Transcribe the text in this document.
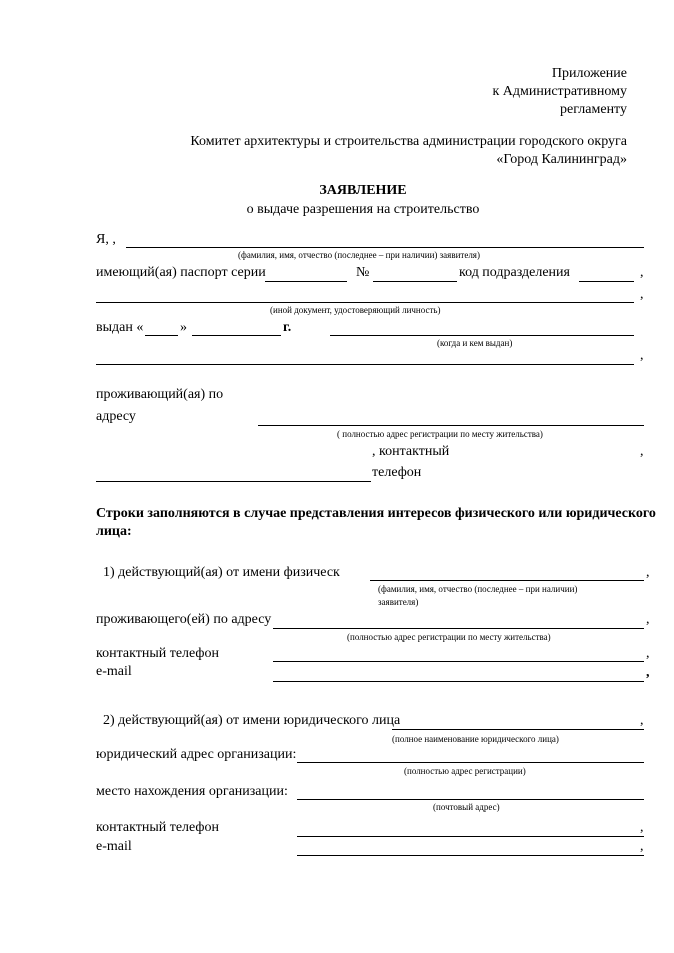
Приложение
к Административному
регламенту
Комитет архитектуры и строительства администрации городского округа
«Город Калининград»
ЗАЯВЛЕНИЕ
о выдаче разрешения на строительство
Я, ,
(фамилия, имя, отчество (последнее – при наличии) заявителя)
имеющий(ая) паспорт серии	№	код подразделения	,
,
(иной документ, удостоверяющий личность)
выдан «	»	г.
(когда и кем выдан)
,
проживающий(ая) по
адресу
( полностью адрес регистрации по месту жительства)
, контактный	,
телефон
Строки заполняются в случае представления интересов физического или юридического
лица:
1) действующий(ая) от имени физическ	,
(фамилия, имя, отчество (последнее – при наличии)
заявителя)
проживающего(ей) по адресу	,
(полностью адрес регистрации по месту жительства)
контактный телефон	,
e-mail	,
2) действующий(ая) от имени юридического лица	,
(полное наименование юридического лица)
юридический адрес организации:
(полностью адрес регистрации)
место нахождения организации:
(почтовый адрес)
контактный телефон	,
e-mail	,
